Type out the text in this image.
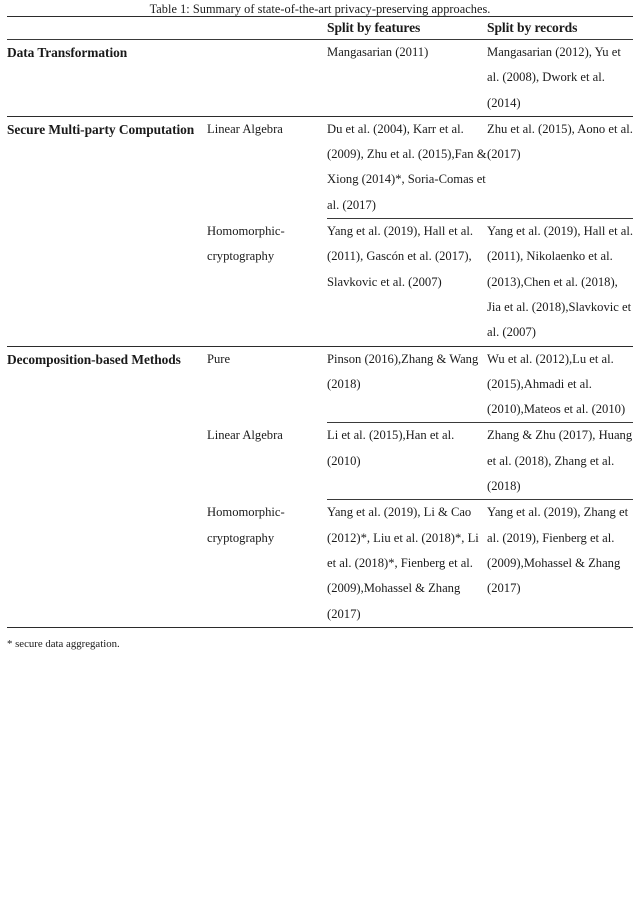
Table 1: Summary of state-of-the-art privacy-preserving approaches.

		Split by features	Split by records

Data Transformation		Mangasarian (2011)	Mangasarian (2012), Yu et al. (2008), Dwork et al. (2014)

Secure Multi-party Computation	Linear Algebra	Du et al. (2004), Karr et al. (2009), Zhu et al. (2015),Fan & Xiong (2014)*, Soria-Comas et al. (2017)	Zhu et al. (2015), Aono et al. (2017)

	Homomorphic-cryptography	Yang et al. (2019), Hall et al. (2011), Gascón et al. (2017), Slavkovic et al. (2007)	Yang et al. (2019), Hall et al. (2011), Nikolaenko et al. (2013),Chen et al. (2018), Jia et al. (2018),Slavkovic et al. (2007)

Decomposition-based Methods	Pure	Pinson (2016),Zhang & Wang (2018)	Wu et al. (2012),Lu et al. (2015),Ahmadi et al. (2010),Mateos et al. (2010)

	Linear Algebra	Li et al. (2015),Han et al. (2010)	Zhang & Zhu (2017), Huang et al. (2018), Zhang et al. (2018)

	Homomorphic-cryptography	Yang et al. (2019), Li & Cao (2012)*, Liu et al. (2018)*, Li et al. (2018)*, Fienberg et al. (2009),Mohassel & Zhang (2017)	Yang et al. (2019), Zhang et al. (2019), Fienberg et al. (2009),Mohassel & Zhang (2017)

* secure data aggregation.
